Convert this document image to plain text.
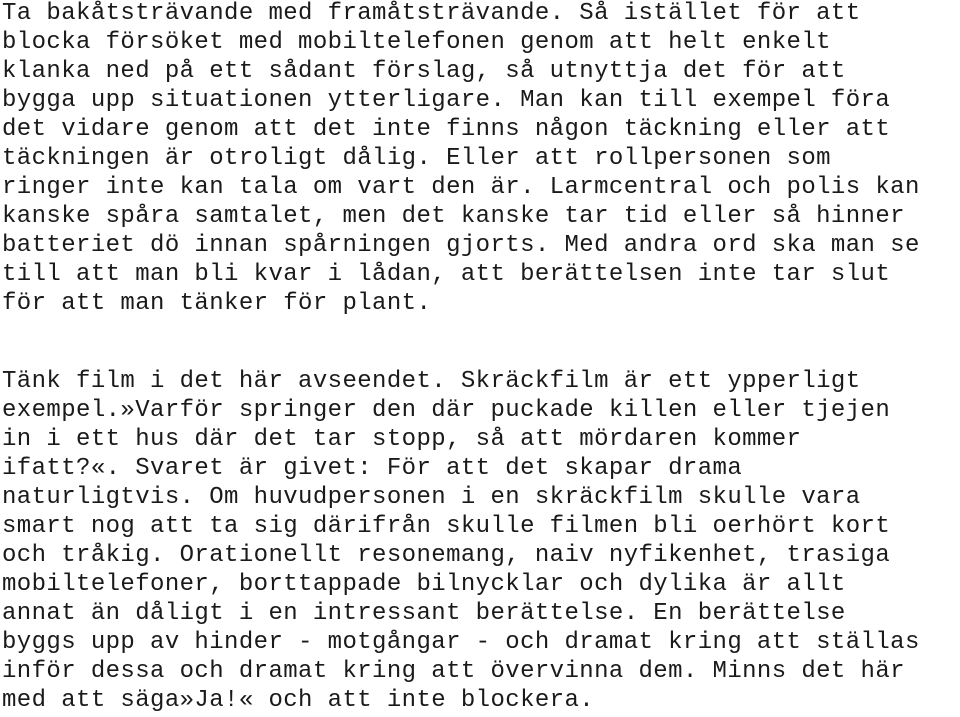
Ta bakåtsträvande med framåtsträvande. Så istället för att

blocka försöket med mobiltelefonen genom att helt enkelt

klanka ned på ett sådant förslag, så utnyttja det för att

bygga upp situationen ytterligare. Man kan till exempel föra

det vidare genom att det inte finns någon täckning eller att

täckningen är otroligt dålig. Eller att rollpersonen som

ringer inte kan tala om vart den är. Larmcentral och polis kan

kanske spåra samtalet, men det kanske tar tid eller så hinner

batteriet dö innan spårningen gjorts. Med andra ord ska man se

till att man bli kvar i lådan, att berättelsen inte tar slut

för att man tänker för plant.

Tänk film i det här avseendet. Skräckfilm är ett ypperligt

exempel.»Varför springer den där puckade killen eller tjejen

in i ett hus där det tar stopp, så att mördaren kommer

ifatt?«. Svaret är givet: För att det skapar drama

naturligtvis. Om huvudpersonen i en skräckfilm skulle vara

smart nog att ta sig därifrån skulle filmen bli oerhört kort

och tråkig. Orationellt resonemang, naiv nyfikenhet, trasiga

mobiltelefoner, borttappade bilnycklar och dylika är allt

annat än dåligt i en intressant berättelse. En berättelse

byggs upp av hinder - motgångar - och dramat kring att ställas

inför dessa och dramat kring att övervinna dem. Minns det här

med att säga»Ja!« och att inte blockera.
